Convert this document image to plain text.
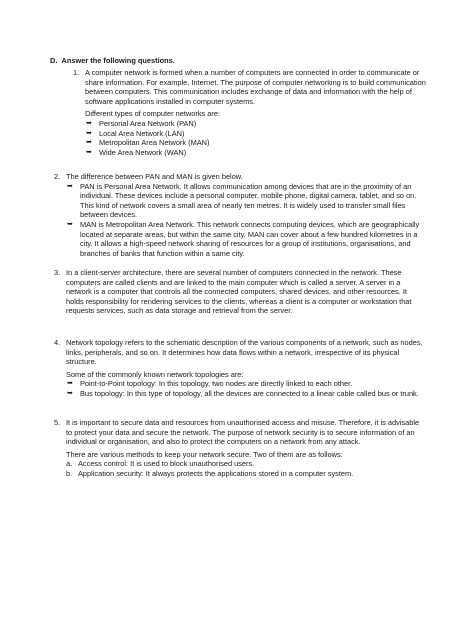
D. Answer the following questions.
1. A computer network is formed when a number of computers are connected in order to communicate or share information. For example, Internet. The purpose of computer networking is to build communication between computers. This communication includes exchange of data and information with the help of software applications installed in computer systems.

Different types of computer networks are:

➥ Personal Area Network (PAN)
➥ Local Area Network (LAN)
➥ Metropolitan Area Network (MAN)
➥ Wide Area Network (WAN)
2. The difference between PAN and MAN is given below.

➥ PAN is Personal Area Network. It allows communication among devices that are in the proximity of an individual. These devices include a personal computer, mobile phone, digital camera, tablet, and so on. This kind of network covers a small area of nearly ten metres. It is widely used to transfer small files between devices.
➥ MAN is Metropolitan Area Network. This network connects computing devices, which are geographically located at separate areas, but within the same city. MAN can cover about a few hundred kilometres in a city. It allows a high-speed network sharing of resources for a group of institutions, organisations, and branches of banks that function within a same city.
3. In a client-server architecture, there are several number of computers connected in the network. These computers are called clients and are linked to the main computer which is called a server. A server in a network is a computer that controls all the connected computers, shared devices, and other resources. It holds responsibility for rendering services to the clients, whereas a client is a computer or workstation that requests services, such as data storage and retrieval from the server.

4. Network topology refers to the schematic description of the various components of a network, such as nodes, links, peripherals, and so on. It determines how data flows within a network, irrespective of its physical structure.

Some of the commonly known network topologies are:

➥ Point-to-Point topology: In this topology, two nodes are directly linked to each other.
➥ Bus topology: In this type of topology, all the devices are connected to a linear cable called bus or trunk.
5. It is important to secure data and resources from unauthorised access and misuse. Therefore, it is advisable to protect your data and secure the network. The purpose of network security is to secure information of an individual or organisation, and also to protect the computers on a network from any attack.

There are various methods to keep your network secure. Two of them are as follows:

a. Access control: It is used to block unauthorised users.
b. Application security: It always protects the applications stored in a computer system.
